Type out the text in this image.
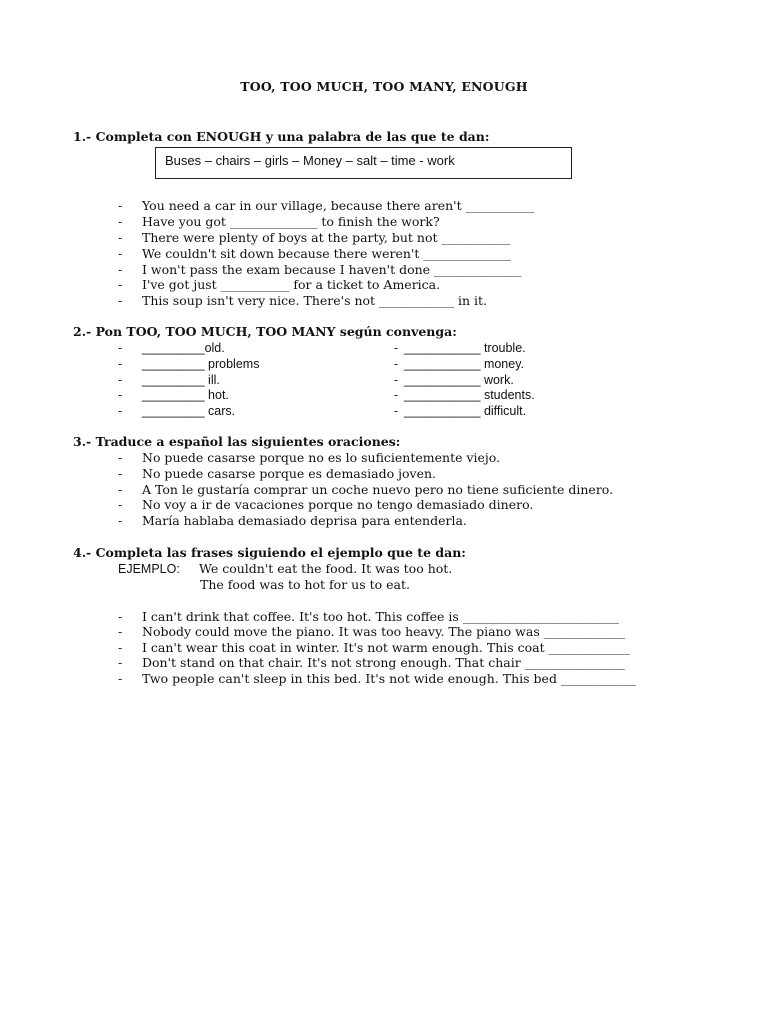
TOO, TOO MUCH, TOO MANY, ENOUGH
1.- Completa con ENOUGH y una palabra de las que te dan:
Buses – chairs – girls – Money – salt – time - work
- You need a car in our village, because there aren't ___________
- Have you got ______________ to finish the work?
- There were plenty of boys at the party, but not ___________
- We couldn't sit down because there weren't ______________
- I won't pass the exam because I haven't done ______________
- I've got just ___________ for a ticket to America.
- This soup isn't very nice. There's not ____________ in it.
2.- Pon TOO, TOO MUCH, TOO MANY según convenga:
- _________old.	- ___________ trouble.
- _________ problems	- ___________ money.
- _________ ill.	- ___________ work.
- _________ hot.	- ___________ students.
- _________ cars.	- ___________ difficult.
3.- Traduce a español las siguientes oraciones:
- No puede casarse porque no es lo suficientemente viejo.
- No puede casarse porque es demasiado joven.
- A Ton le gustaría comprar un coche nuevo pero no tiene suficiente dinero.
- No voy a ir de vacaciones porque no tengo demasiado dinero.
- María hablaba demasiado deprisa para entenderla.
4.- Completa las frases siguiendo el ejemplo que te dan:
EJEMPLO: We couldn't eat the food. It was too hot.
The food was to hot for us to eat.
- I can't drink that coffee. It's too hot. This coffee is _________________________
- Nobody could move the piano. It was too heavy. The piano was _____________
- I can't wear this coat in winter. It's not warm enough. This coat _____________
- Don't stand on that chair. It's not strong enough. That chair ________________
- Two people can't sleep in this bed. It's not wide enough. This bed ____________
